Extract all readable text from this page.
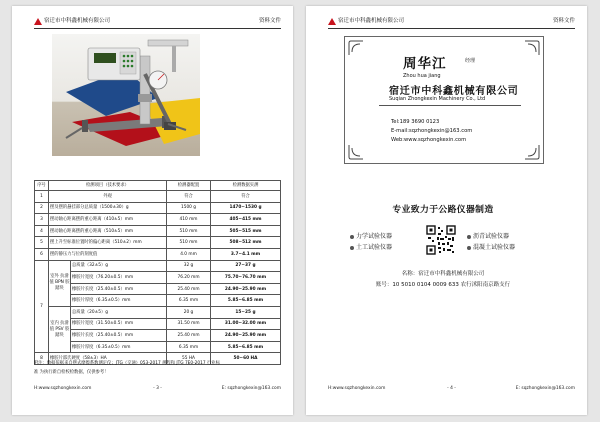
宿迁市中科鑫机械有限公司	资料文件
序号	检测项目（技术要求）		检测器配置	检测数据实测
1	外观		符合	符合
2	摆及摆的悬挂部分总质量（1500±30）g		1500 g	1470~1530 g
3	摆动轴心距离摆的重心距离（410±5）mm		410 mm	405~415 mm
4	摆动轴心距离摆的重心距离（510±5）mm		510 mm	505~515 mm
5	摆上升至标准位置时的偏心距离（510±2）mm		510 mm	508~512 mm
6	摆的静压力与位的刻度值		4.0 mm	3.7~4.1 mm
7	室外 抗滑值 BPN 胶 踏块	总质量（32±5）g	32 g	27~37 g
		橡胶片宽度（76.20±0.5）mm	76.20 mm	75.70~76.70 mm
		橡胶片长度（25.40±0.5）mm	25.40 mm	24.90~25.90 mm
		橡胶片厚度（6.35±0.5）mm	6.35 mm	5.85~6.85 mm
	室内 抗滑值 PSV 胶 踏块	总质量（20±5）g	20 g	15~25 g
		橡胶片宽度（31.50±0.5）mm	31.50 mm	31.00~32.00 mm
		橡胶片长度（25.40±0.5）mm	25.40 mm	24.90~25.90 mm
		橡胶片厚度（6.35±0.5）mm	6.35 mm	5.85~6.85 mm
8	橡胶片邵氏硬度（58±3）HA		55 HA	50~60 HA
附注：数据依据来自摆式摩擦系数测定仪；JTG（交通）053-2017 规程和 JTG 7E0-2017 行业标
准 为执行新自检校检数据，仅供参考！
H:www.sqzhongkexin.com	- 3 -	E: sqzhongkexin@163.com
宿迁市中科鑫机械有限公司	资料文件
周华江	经理
Zhou hua jiang
宿迁市中科鑫机械有限公司
Suqian Zhongkexin Machinery Co., Ltd
Tel:189 3690 0123
E-mail:sqzhongkexin@163.com
Web:www.sqzhongkexin.com
专业致力于公路仪器制造
力学试验仪器
土工试验仪器
沥青试验仪器
混凝土试验仪器
名称：宿迁市中科鑫机械有限公司
账号：10 5010 0104 0009 633 农行沭阳南京路支行
H:www.sqzhongkexin.com	- 4 -	E: sqzhongkexin@163.com
